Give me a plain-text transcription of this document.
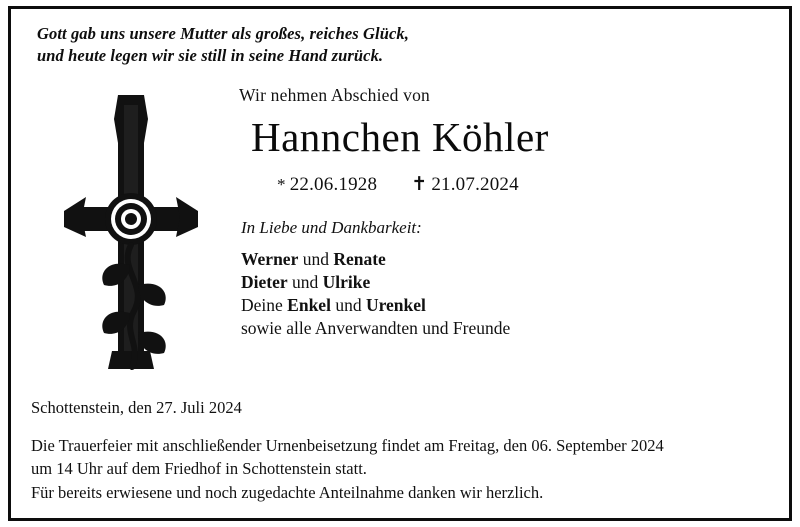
Gott gab uns unsere Mutter als großes, reiches Glück,
und heute legen wir sie still in seine Hand zurück.
Wir nehmen Abschied von
Hannchen Köhler
* 22.06.1928 ✝ 21.07.2024
In Liebe und Dankbarkeit:
Werner und Renate
Dieter und Ulrike
Deine Enkel und Urenkel
sowie alle Anverwandten und Freunde
Schottenstein, den 27. Juli 2024
Die Trauerfeier mit anschließender Urnenbeisetzung findet am Freitag, den 06. September 2024
um 14 Uhr auf dem Friedhof in Schottenstein statt.
Für bereits erwiesene und noch zugedachte Anteilnahme danken wir herzlich.
